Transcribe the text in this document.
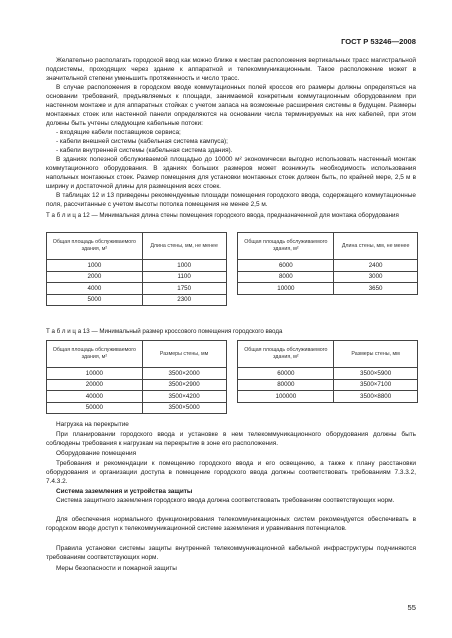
ГОСТ Р 53246—2008
Желательно располагать городской ввод как можно ближе к местам расположения вертикальных трасс магистральной подсистемы, проходящих через здание к аппаратной и телекоммуникационным. Такое расположение может в значительной степени уменьшить протяженность и число трасс.
В случае расположения в городском вводе коммутационных полей кроссов его размеры должны определяться на основании требований, предъявляемых к площади, занимаемой конкретным коммутационным оборудованием при настенном монтаже и для аппаратных стойках с учетом запаса на возможные расширения системы в будущем. Размеры монтажных стоек или настенной панели определяются на основании числа терминируемых на них кабелей, при этом должны быть учтены следующие кабельные потоки:
- входящие кабели поставщиков сервиса;
- кабели внешней системы (кабельная система кампуса);
- кабели внутренней системы (кабельная система здания).
В зданиях полезной обслуживаемой площадью до 10000 м² экономически выгодно использовать настенный монтаж коммутационного оборудования. В зданиях больших размеров может возникнуть необходимость использования напольных монтажных стоек. Размер помещения для установки монтажных стоек должен быть, по крайней мере, 2,5 м в ширину и достаточной длины для размещения всех стоек.
В таблицах 12 и 13 приведены рекомендуемые площади помещения городского ввода, содержащего коммутационные поля, рассчитанные с учетом высоты потолка помещения не менее 2,5 м.
Т а б л и ц а 12 — Минимальная длина стены помещения городского ввода, предназначенной для монтажа оборудования
Общая площадь обслуживаемого здания, м²	Длина стены, мм, не менее		Общая площадь обслуживаемого здания, м²	Длина стены, мм, не менее
1000	1000		6000	2400
2000	1100		8000	3000
4000	1750		10000	3650
5000	2300			
Т а б л и ц а 13 — Минимальный размер кроссового помещения городского ввода
Общая площадь обслуживаемого здания, м²	Размеры стены, мм		Общая площадь обслуживаемого здания, м²	Размеры стены, мм
10000	3500×2000		60000	3500×5900
20000	3500×2900		80000	3500×7100
40000	3500×4200		100000	3500×8800
50000	3500×5000			
Нагрузка на перекрытие
При планировании городского ввода и установке в нем телекоммуникационного оборудования должны быть соблюдены требования к нагрузкам на перекрытие в зоне его расположения.
Оборудование помещения
Требования и рекомендации к помещению городского ввода и его освещению, а также к плану расстановки оборудования и организации доступа в помещение городского ввода должны соответствовать требованиям 7.3.3.2, 7.4.3.2.
Система заземления и устройства защиты
Система защитного заземления городского ввода должна соответствовать требованиям соответствующих норм.
Для обеспечения нормального функционирования телекоммуникационных систем рекомендуется обеспечивать в городском вводе доступ к телекоммуникационной системе заземления и уравнивания потенциалов.
Правила установки системы защиты внутренней телекоммуникационной кабельной инфраструктуры подчиняются требованиям соответствующих норм.
Меры безопасности и пожарной защиты
55
